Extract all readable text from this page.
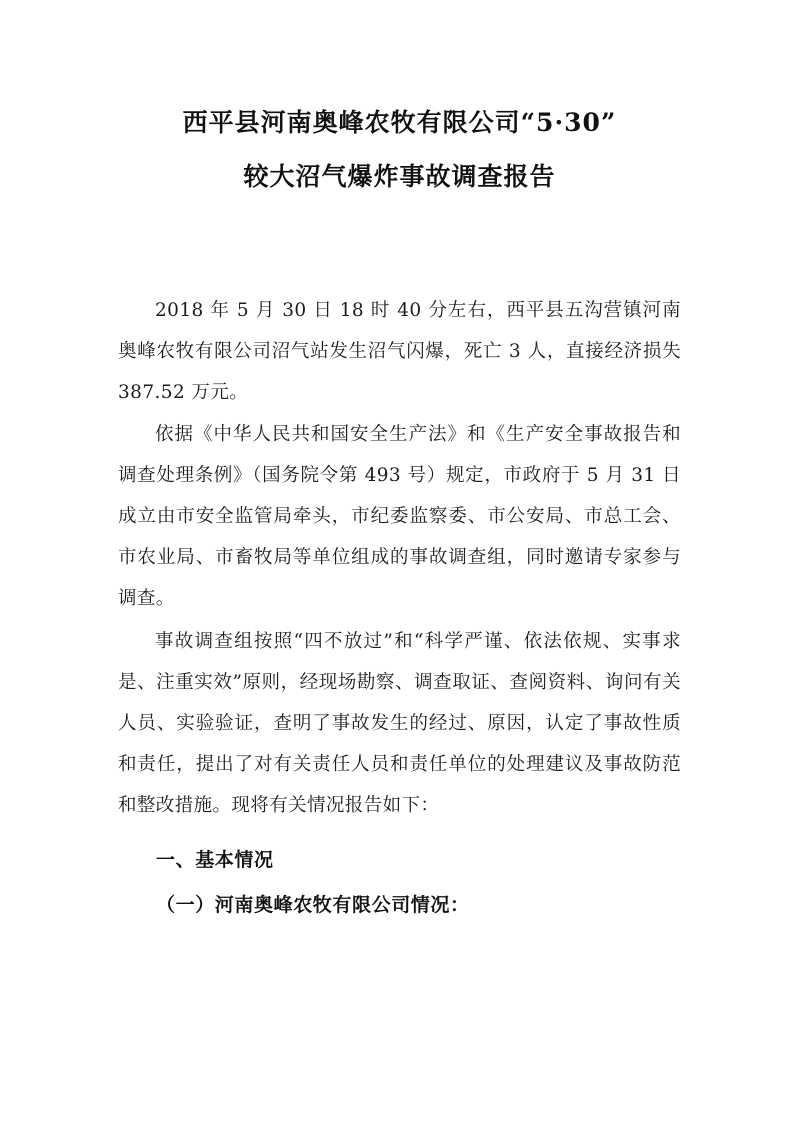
西平县河南奥峰农牧有限公司“5·30”
较大沼气爆炸事故调查报告

2018 年 5 月 30 日 18 时 40 分左右，西平县五沟营镇河南奥峰农牧有限公司沼气站发生沼气闪爆，死亡 3 人，直接经济损失 387.52 万元。

依据《中华人民共和国安全生产法》和《生产安全事故报告和调查处理条例》（国务院令第 493 号）规定，市政府于 5 月 31 日成立由市安全监管局牵头，市纪委监察委、市公安局、市总工会、市农业局、市畜牧局等单位组成的事故调查组，同时邀请专家参与调查。

事故调查组按照“四不放过”和“科学严谨、依法依规、实事求是、注重实效”原则，经现场勘察、调查取证、查阅资料、询问有关人员、实验验证，查明了事故发生的经过、原因，认定了事故性质和责任，提出了对有关责任人员和责任单位的处理建议及事故防范和整改措施。现将有关情况报告如下：

一、基本情况
（一）河南奥峰农牧有限公司情况：
